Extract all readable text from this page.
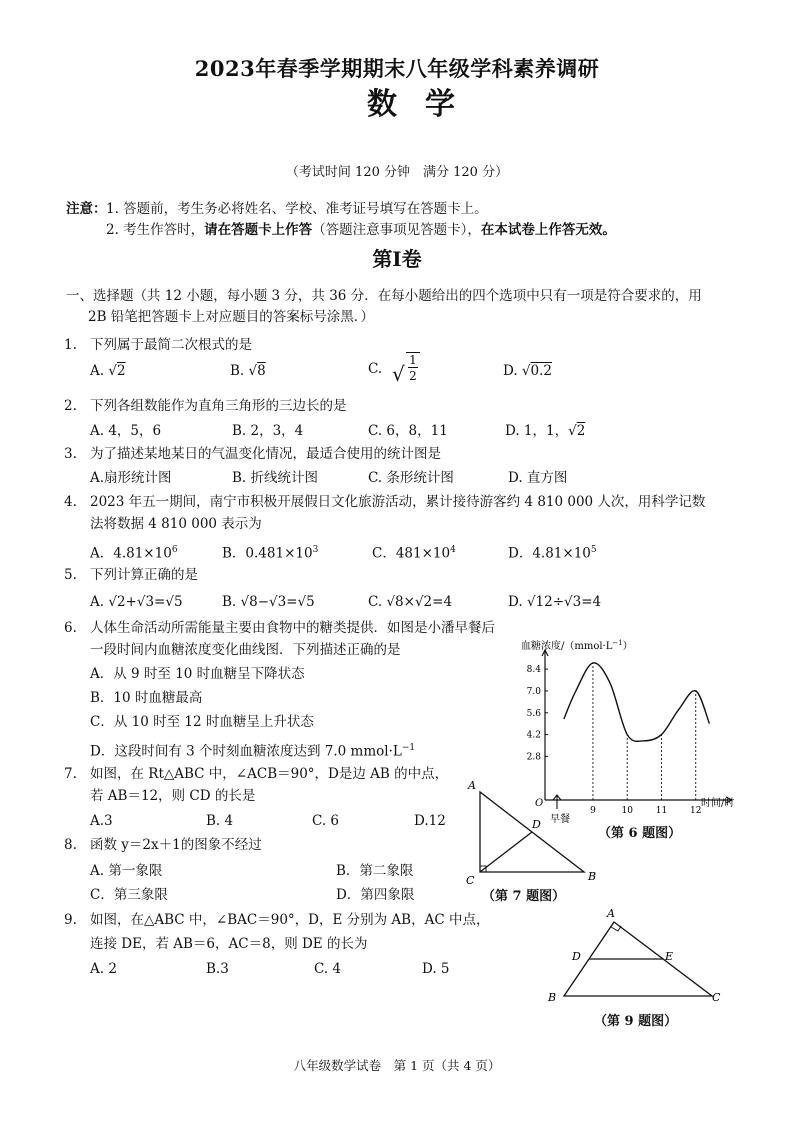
2023年春季学期期末八年级学科素养调研
数学
（考试时间 120 分钟　满分 120 分）
注意： 1. 答题前，考生务必将姓名、学校、准考证号填写在答题卡上。
2. 考生作答时，请在答题卡上作答（答题注意事项见答题卡），在本试卷上作答无效。
第Ⅰ卷
一、选择题（共 12 小题，每小题 3 分，共 36 分．在每小题给出的四个选项中只有一项是符合要求的，用
2B 铅笔把答题卡上对应题目的答案标号涂黑．）
1. 下列属于最简二次根式的是
A. √2	B. √8	C. √
1
2	D. √0.2
2. 下列各组数能作为直角三角形的三边长的是
A. 4，5，6	B. 2，3，4	C. 6，8，11	D. 1，1，√2
3. 为了描述某地某日的气温变化情况，最适合使用的统计图是
A.扇形统计图	B. 折线统计图	C. 条形统计图	D. 直方图
4. 2023 年五一期间，南宁市积极开展假日文化旅游活动，累计接待游客约 4 810 000 人次，用科学记数
法将数据 4 810 000 表示为
A．$4.81\times 10^6$	B．$0.481\times 10^3$	C．$481\times 10^4$	D．$4.81\times 10^5$
5. 下列计算正确的是
A. √2+√3=√5	B. √8−√3=√5	C. √8×√2=4	D. √12÷√3=4
6. 人体生命活动所需能量主要由食物中的糖类提供．如图是小潘早餐后
一段时间内血糖浓度变化曲线图．下列描述正确的是
A．从 9 时至 10 时血糖呈下降状态
B．10 时血糖最高
C．从 10 时至 12 时血糖呈上升状态
D．这段时间有 3 个时刻血糖浓度达到 7.0 $mmol\cdot L^{-1}$
7. 如图，在 Rt△ABC 中，∠ACB＝90°，D是边 AB 的中点，
若 AB＝12，则 CD 的长是
A.3	B. 4	C. 6	D.12
8. 函数 y＝2x＋1的图象不经过
A. 第一象限	B．第二象限
C．第三象限	D．第四象限
9. 如图，在△ABC 中，∠BAC＝90°，D，E 分别为 AB，AC 中点，
连接 DE，若 AB＝6，AC＝8，则 DE 的长为
A. 2	B.3	C. 4	D. 5
2.8
4.2
5.6
7.0
8.4
9	10	11	12
血糖浓度$/(mmol\cdot L^{-1})$
时间/时
O
早餐
（第 6 题图）
A
B
C
D
（第 7 题图）
A
B	C
D	E
（第 9 题图）
八年级数学试卷　第 1 页（共 4 页）
